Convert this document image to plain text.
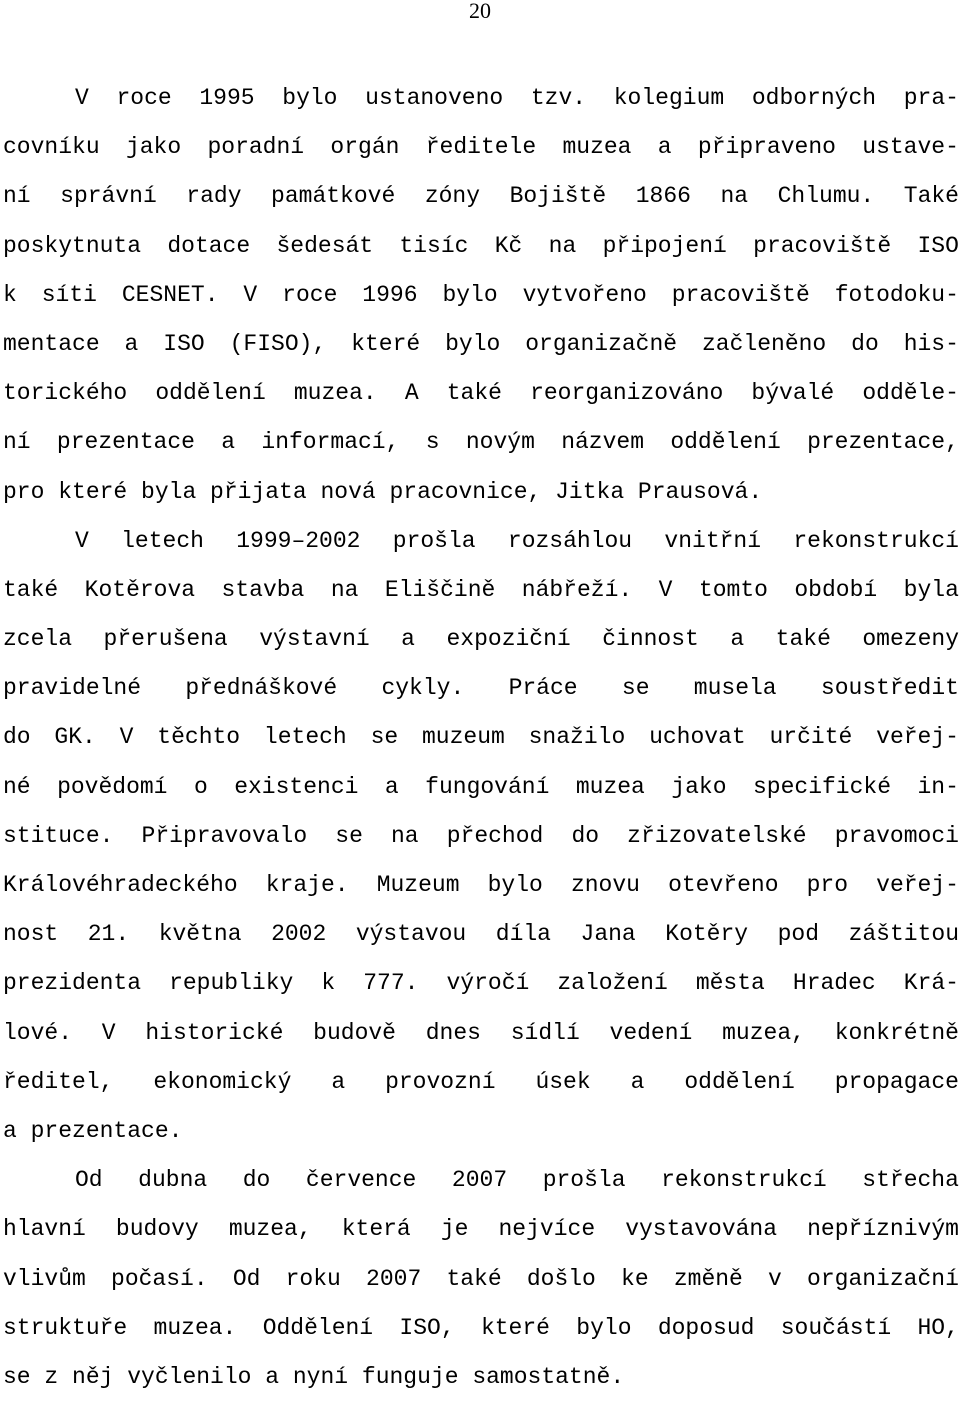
20
V roce 1995 bylo ustanoveno tzv. kolegium odborných pra-
covníku jako poradní orgán ředitele muzea a připraveno ustave-
ní správní rady památkové zóny Bojiště 1866 na Chlumu. Také
poskytnuta dotace šedesát tisíc Kč na připojení pracoviště ISO
k síti CESNET. V roce 1996 bylo vytvořeno pracoviště fotodoku-
mentace a ISO (FISO), které bylo organizačně začleněno do his-
torického oddělení muzea. A také reorganizováno bývalé odděle-
ní prezentace a informací, s novým názvem oddělení prezentace,
pro které byla přijata nová pracovnice, Jitka Prausová.
V letech 1999–2002 prošla rozsáhlou vnitřní rekonstrukcí
také Kotěrova stavba na Eliščině nábřeží. V tomto období byla
zcela přerušena výstavní a expoziční činnost a také omezeny
pravidelné přednáškové cykly. Práce se musela soustředit
do GK. V těchto letech se muzeum snažilo uchovat určité veřej-
né povědomí o existenci a fungování muzea jako specifické in-
stituce. Připravovalo se na přechod do zřizovatelské pravomoci
Královéhradeckého kraje. Muzeum bylo znovu otevřeno pro veřej-
nost 21. května 2002 výstavou díla Jana Kotěry pod záštitou
prezidenta republiky k 777. výročí založení města Hradec Krá-
lové. V historické budově dnes sídlí vedení muzea, konkrétně
ředitel, ekonomický a provozní úsek a oddělení propagace
a prezentace.
Od dubna do července 2007 prošla rekonstrukcí střecha
hlavní budovy muzea, která je nejvíce vystavována nepříznivým
vlivům počasí. Od roku 2007 také došlo ke změně v organizační
struktuře muzea. Oddělení ISO, které bylo doposud součástí HO,
se z něj vyčlenilo a nyní funguje samostatně.
